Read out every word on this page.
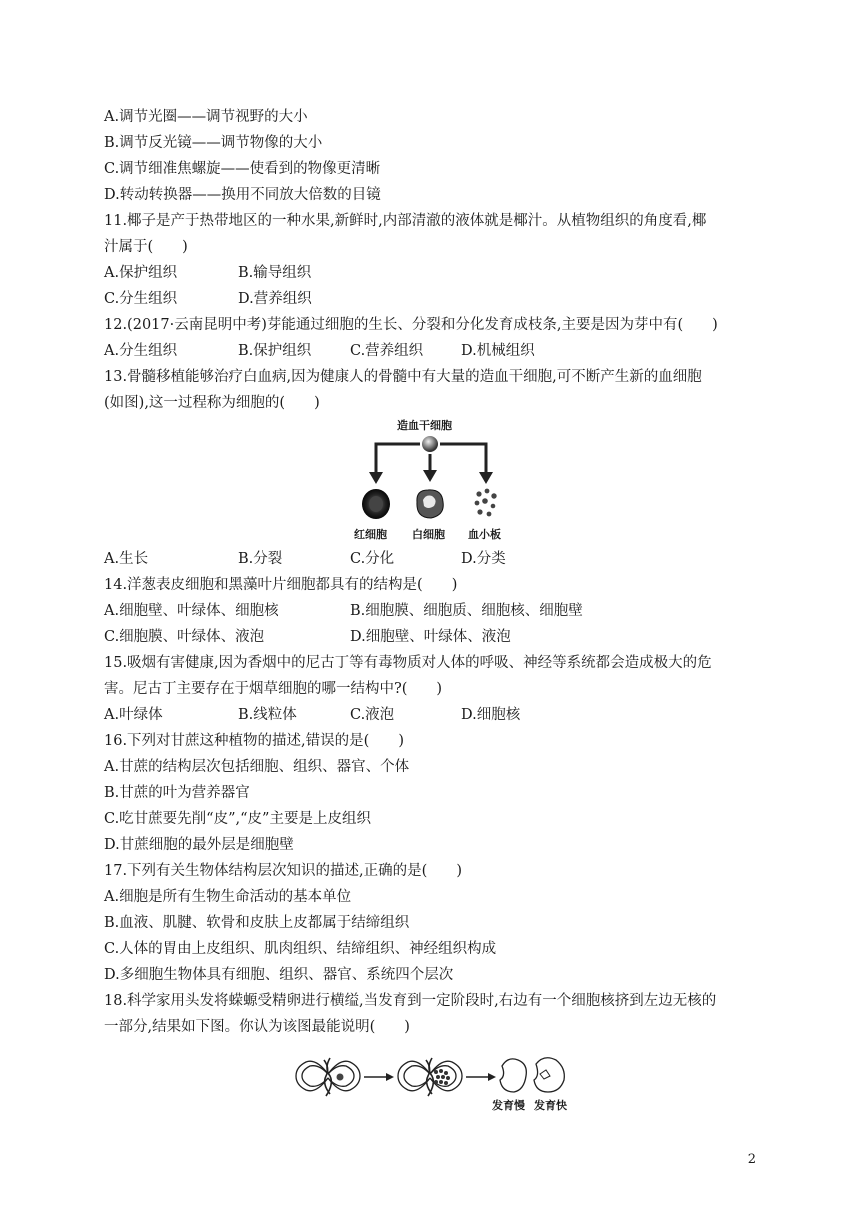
A.调节光圈——调节视野的大小
B.调节反光镜——调节物像的大小
C.调节细准焦螺旋——使看到的物像更清晰
D.转动转换器——换用不同放大倍数的目镜
11.椰子是产于热带地区的一种水果,新鲜时,内部清澈的液体就是椰汁。从植物组织的角度看,椰
汁属于(　　)
A.保护组织	B.输导组织
C.分生组织	D.营养组织
12.(2017·云南昆明中考)芽能通过细胞的生长、分裂和分化发育成枝条,主要是因为芽中有(　　)
A.分生组织	B.保护组织	C.营养组织	D.机械组织
13.骨髓移植能够治疗白血病,因为健康人的骨髓中有大量的造血干细胞,可不断产生新的血细胞
(如图),这一过程称为细胞的(　　)
造血干细胞
红细胞 白细胞 血小板
A.生长	B.分裂	C.分化	D.分类
14.洋葱表皮细胞和黑藻叶片细胞都具有的结构是(　　)
A.细胞壁、叶绿体、细胞核	B.细胞膜、细胞质、细胞核、细胞壁
C.细胞膜、叶绿体、液泡	D.细胞壁、叶绿体、液泡
15.吸烟有害健康,因为香烟中的尼古丁等有毒物质对人体的呼吸、神经等系统都会造成极大的危
害。尼古丁主要存在于烟草细胞的哪一结构中?(　　)
A.叶绿体	B.线粒体	C.液泡	D.细胞核
16.下列对甘蔗这种植物的描述,错误的是(　　)
A.甘蔗的结构层次包括细胞、组织、器官、个体
B.甘蔗的叶为营养器官
C.吃甘蔗要先削“皮”,“皮”主要是上皮组织
D.甘蔗细胞的最外层是细胞壁
17.下列有关生物体结构层次知识的描述,正确的是(　　)
A.细胞是所有生物生命活动的基本单位
B.血液、肌腱、软骨和皮肤上皮都属于结缔组织
C.人体的胃由上皮组织、肌肉组织、结缔组织、神经组织构成
D.多细胞生物体具有细胞、组织、器官、系统四个层次
18.科学家用头发将蝾螈受精卵进行横缢,当发育到一定阶段时,右边有一个细胞核挤到左边无核的
一部分,结果如下图。你认为该图最能说明(　　)
发育慢 发育快
2
